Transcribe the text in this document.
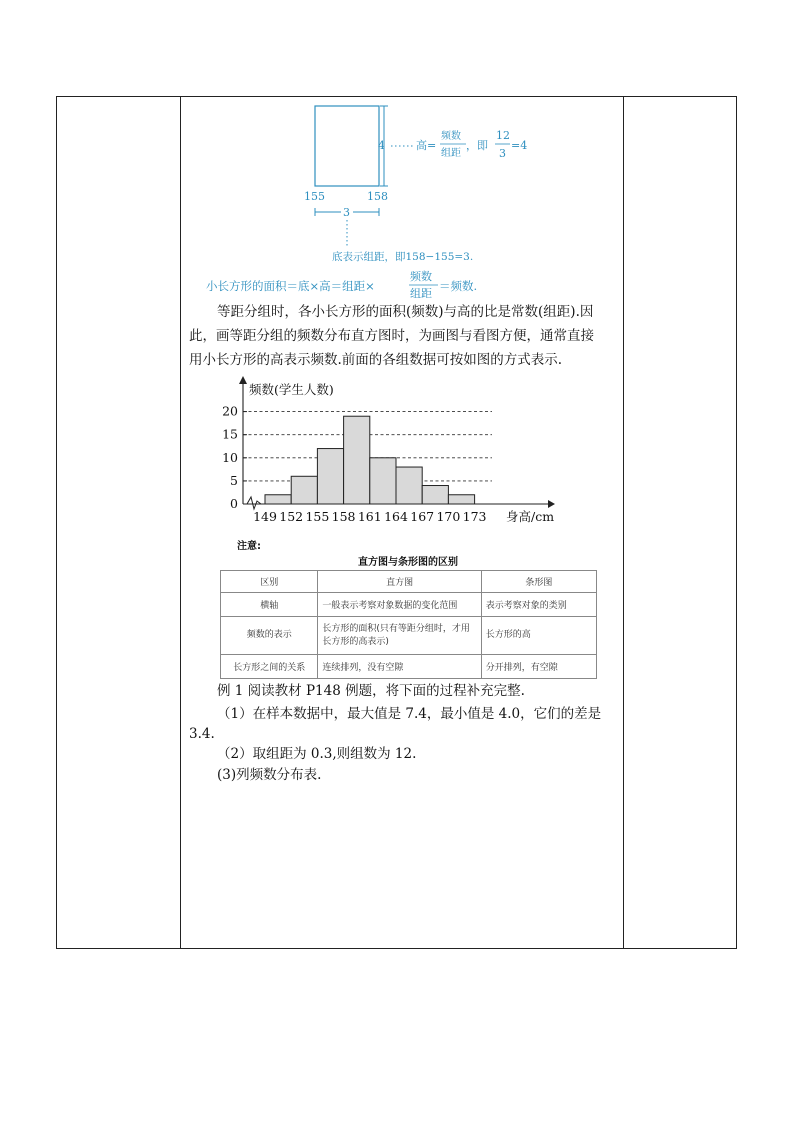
4	高=
频数
组距
，即
12
3
=4
155	158
3
底表示组距，即158−155=3.
小长方形的面积＝底×高＝组距×
频数
组距
＝频数.
等距分组时，各小长方形的面积(频数)与高的比是常数(组距).因
此，画等距分组的频数分布直方图时，为画图与看图方便，通常直接
用小长方形的高表示频数.前面的各组数据可按如图的方式表示.
0
5
10
15
20
149 152 155 158 161 164 167 170 173
频数(学生人数)
身高/cm
注意:
直方图与条形图的区别
区别	直方图	条形图
横轴	一般表示考察对象数据的变化范围	表示考察对象的类别
频数的表示	长方形的面积(只有等距分组时，才用长方形的高表示)	长方形的高
长方形之间的关系	连续排列，没有空隙	分开排列，有空隙
例 1 阅读教材 P148 例题，将下面的过程补充完整.
（1）在样本数据中，最大值是 7.4，最小值是 4.0，它们的差是
3.4.
（2）取组距为 0.3,则组数为 12.
(3)列频数分布表.
